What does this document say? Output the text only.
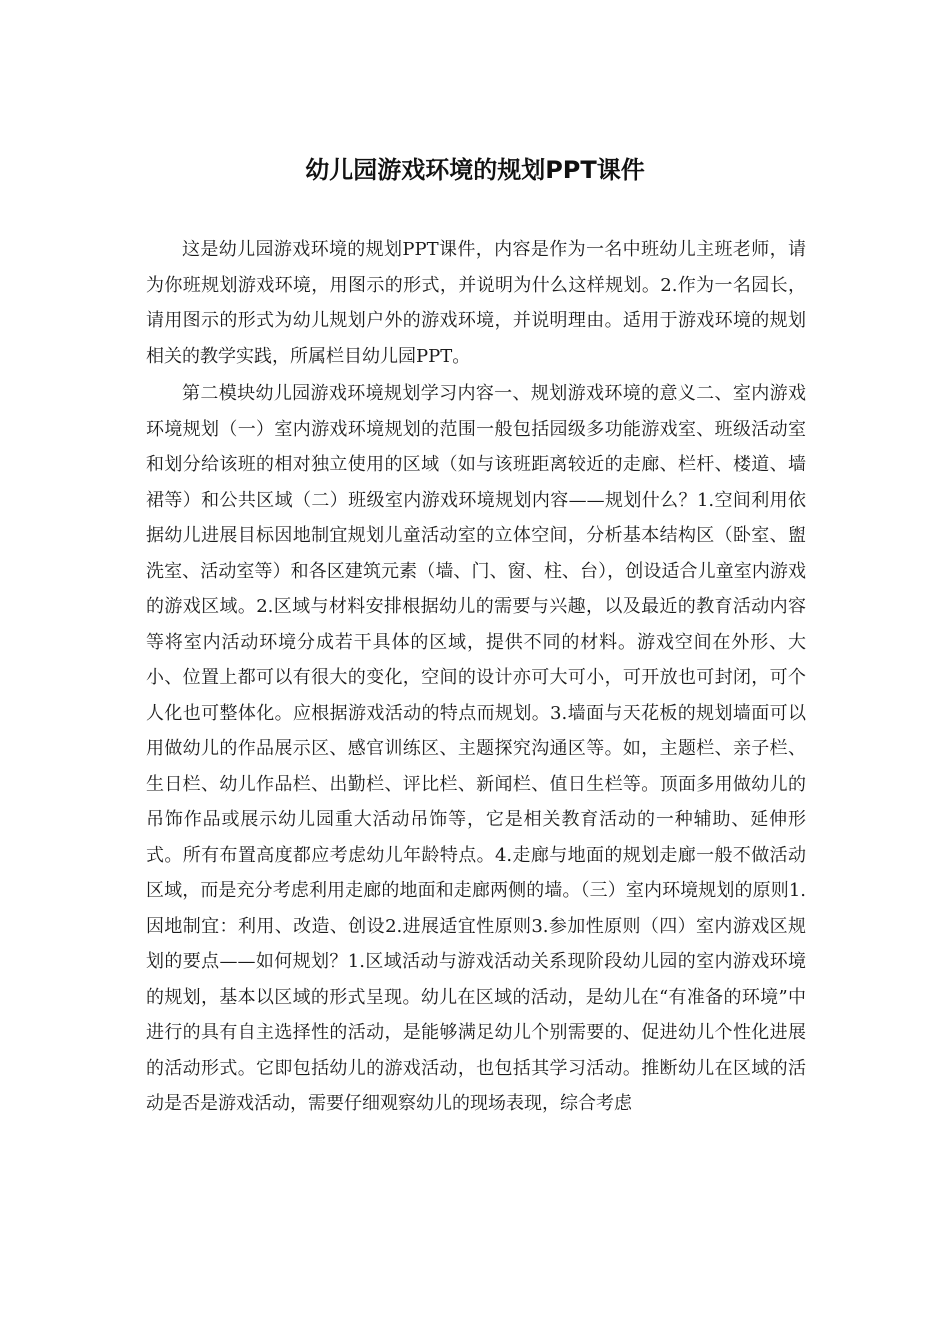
幼儿园游戏环境的规划PPT课件

这是幼儿园游戏环境的规划PPT课件，内容是作为一名中班幼儿主班老师，请为你班规划游戏环境，用图示的形式，并说明为什么这样规划。2.作为一名园长，请用图示的形式为幼儿规划户外的游戏环境，并说明理由。适用于游戏环境的规划相关的教学实践，所属栏目幼儿园PPT。

第二模块幼儿园游戏环境规划学习内容一、规划游戏环境的意义二、室内游戏环境规划（一）室内游戏环境规划的范围一般包括园级多功能游戏室、班级活动室和划分给该班的相对独立使用的区域（如与该班距离较近的走廊、栏杆、楼道、墙裙等）和公共区域（二）班级室内游戏环境规划内容——规划什么？1.空间利用依据幼儿进展目标因地制宜规划儿童活动室的立体空间，分析基本结构区（卧室、盥洗室、活动室等）和各区建筑元素（墙、门、窗、柱、台），创设适合儿童室内游戏的游戏区域。2.区域与材料安排根据幼儿的需要与兴趣，以及最近的教育活动内容等将室内活动环境分成若干具体的区域，提供不同的材料。游戏空间在外形、大小、位置上都可以有很大的变化，空间的设计亦可大可小，可开放也可封闭，可个人化也可整体化。应根据游戏活动的特点而规划。3.墙面与天花板的规划墙面可以用做幼儿的作品展示区、感官训练区、主题探究沟通区等。如，主题栏、亲子栏、生日栏、幼儿作品栏、出勤栏、评比栏、新闻栏、值日生栏等。顶面多用做幼儿的吊饰作品或展示幼儿园重大活动吊饰等，它是相关教育活动的一种辅助、延伸形式。所有布置高度都应考虑幼儿年龄特点。4.走廊与地面的规划走廊一般不做活动区域，而是充分考虑利用走廊的地面和走廊两侧的墙。（三）室内环境规划的原则1.因地制宜：利用、改造、创设2.进展适宜性原则3.参加性原则（四）室内游戏区规划的要点——如何规划？1.区域活动与游戏活动关系现阶段幼儿园的室内游戏环境的规划，基本以区域的形式呈现。幼儿在区域的活动，是幼儿在“有准备的环境”中进行的具有自主选择性的活动，是能够满足幼儿个别需要的、促进幼儿个性化进展的活动形式。它即包括幼儿的游戏活动，也包括其学习活动。推断幼儿在区域的活动是否是游戏活动，需要仔细观察幼儿的现场表现，综合考虑
